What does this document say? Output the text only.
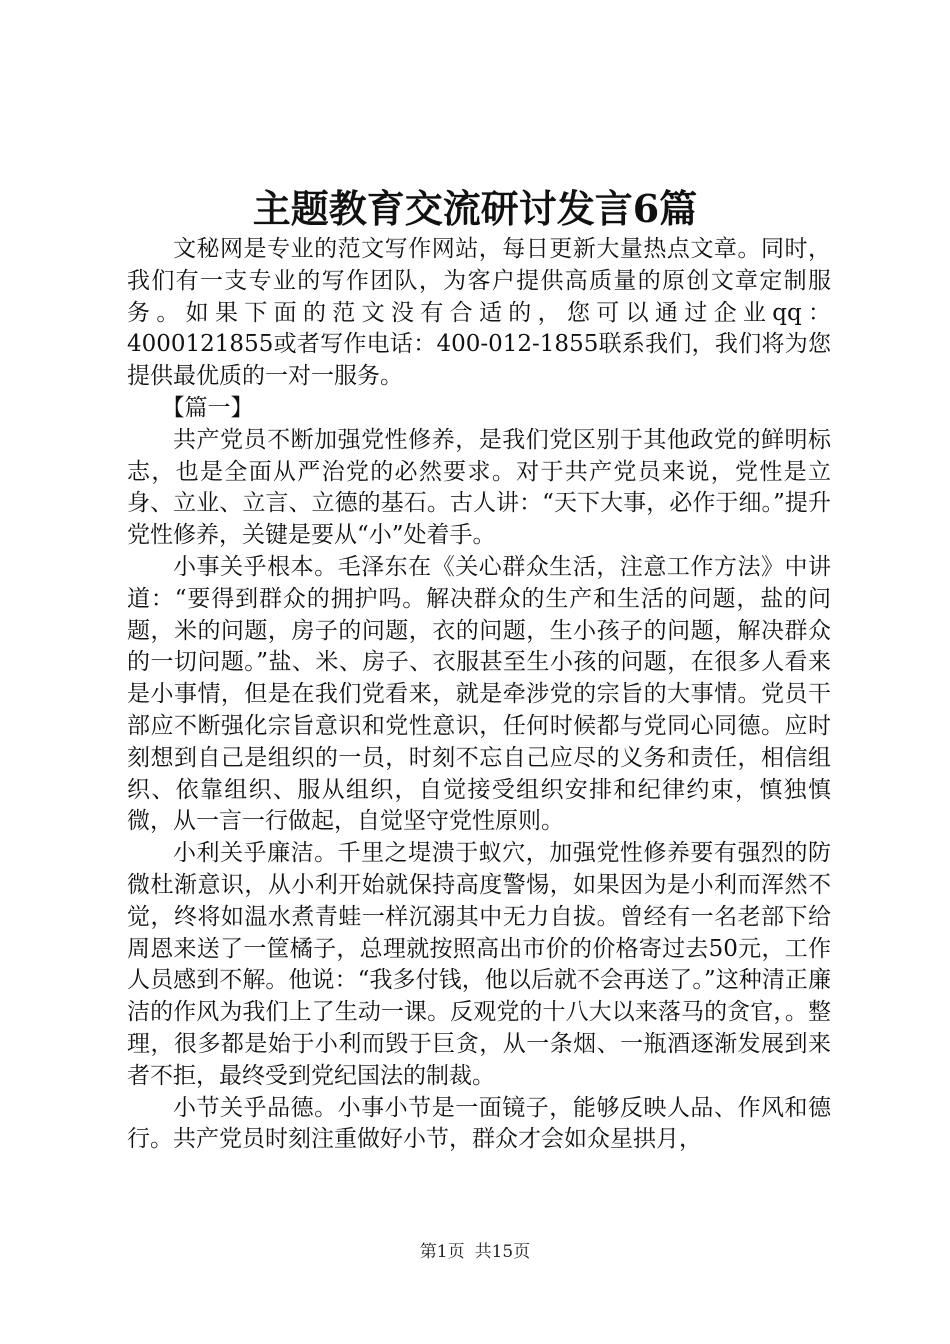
主题教育交流研讨发言6篇

文秘网是专业的范文写作网站，每日更新大量热点文章。同时，我们有一支专业的写作团队，为客户提供高质量的原创文章定制服务。如果下面的范文没有合适的，您可以通过企业qq：4000121855或者写作电话：400-012-1855联系我们，我们将为您提供最优质的一对一服务。

【篇一】

共产党员不断加强党性修养，是我们党区别于其他政党的鲜明标志，也是全面从严治党的必然要求。对于共产党员来说，党性是立身、立业、立言、立德的基石。古人讲：“天下大事，必作于细。”提升党性修养，关键是要从“小”处着手。

小事关乎根本。毛泽东在《关心群众生活，注意工作方法》中讲道：“要得到群众的拥护吗。解决群众的生产和生活的问题，盐的问题，米的问题，房子的问题，衣的问题，生小孩子的问题，解决群众的一切问题。”盐、米、房子、衣服甚至生小孩的问题，在很多人看来是小事情，但是在我们党看来，就是牵涉党的宗旨的大事情。党员干部应不断强化宗旨意识和党性意识，任何时候都与党同心同德。应时刻想到自己是组织的一员，时刻不忘自己应尽的义务和责任，相信组织、依靠组织、服从组织，自觉接受组织安排和纪律约束，慎独慎微，从一言一行做起，自觉坚守党性原则。

小利关乎廉洁。千里之堤溃于蚁穴，加强党性修养要有强烈的防微杜渐意识，从小利开始就保持高度警惕，如果因为是小利而浑然不觉，终将如温水煮青蛙一样沉溺其中无力自拔。曾经有一名老部下给周恩来送了一筐橘子，总理就按照高出市价的价格寄过去50元，工作人员感到不解。他说：“我多付钱，他以后就不会再送了。”这种清正廉洁的作风为我们上了生动一课。反观党的十八大以来落马的贪官，。整理，很多都是始于小利而毁于巨贪，从一条烟、一瓶酒逐渐发展到来者不拒，最终受到党纪国法的制裁。

小节关乎品德。小事小节是一面镜子，能够反映人品、作风和德行。共产党员时刻注重做好小节，群众才会如众星拱月，

第1页 共15页
